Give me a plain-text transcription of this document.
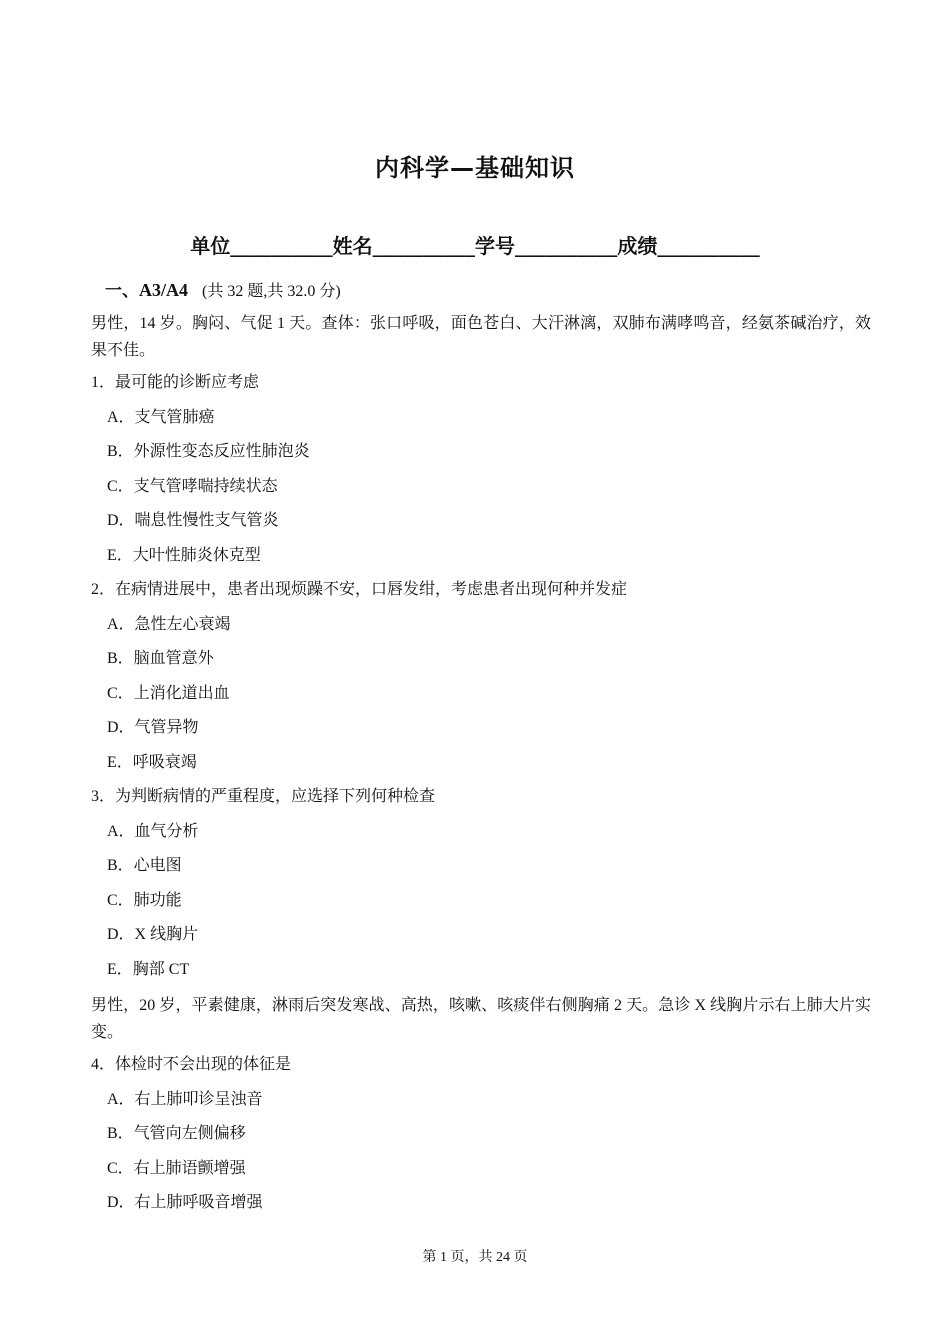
内科学—基础知识
单位__________姓名__________学号__________成绩__________
一、A3/A4 (共 32 题,共 32.0 分)

男性，14 岁。胸闷、气促 1 天。查体：张口呼吸，面色苍白、大汗淋漓，双肺布满哮鸣音，经氨茶碱治疗，效果不佳。

1．最可能的诊断应考虑
A．支气管肺癌
B．外源性变态反应性肺泡炎
C．支气管哮喘持续状态
D．喘息性慢性支气管炎
E．大叶性肺炎休克型
2．在病情进展中，患者出现烦躁不安，口唇发绀，考虑患者出现何种并发症
A．急性左心衰竭
B．脑血管意外
C．上消化道出血
D．气管异物
E．呼吸衰竭
3．为判断病情的严重程度，应选择下列何种检查
A．血气分析
B．心电图
C．肺功能
D．X 线胸片
E．胸部 CT

男性，20 岁，平素健康，淋雨后突发寒战、高热，咳嗽、咳痰伴右侧胸痛 2 天。急诊 X 线胸片示右上肺大片实变。

4．体检时不会出现的体征是
A．右上肺叩诊呈浊音
B．气管向左侧偏移
C．右上肺语颤增强
D．右上肺呼吸音增强
第 1 页，共 24 页
